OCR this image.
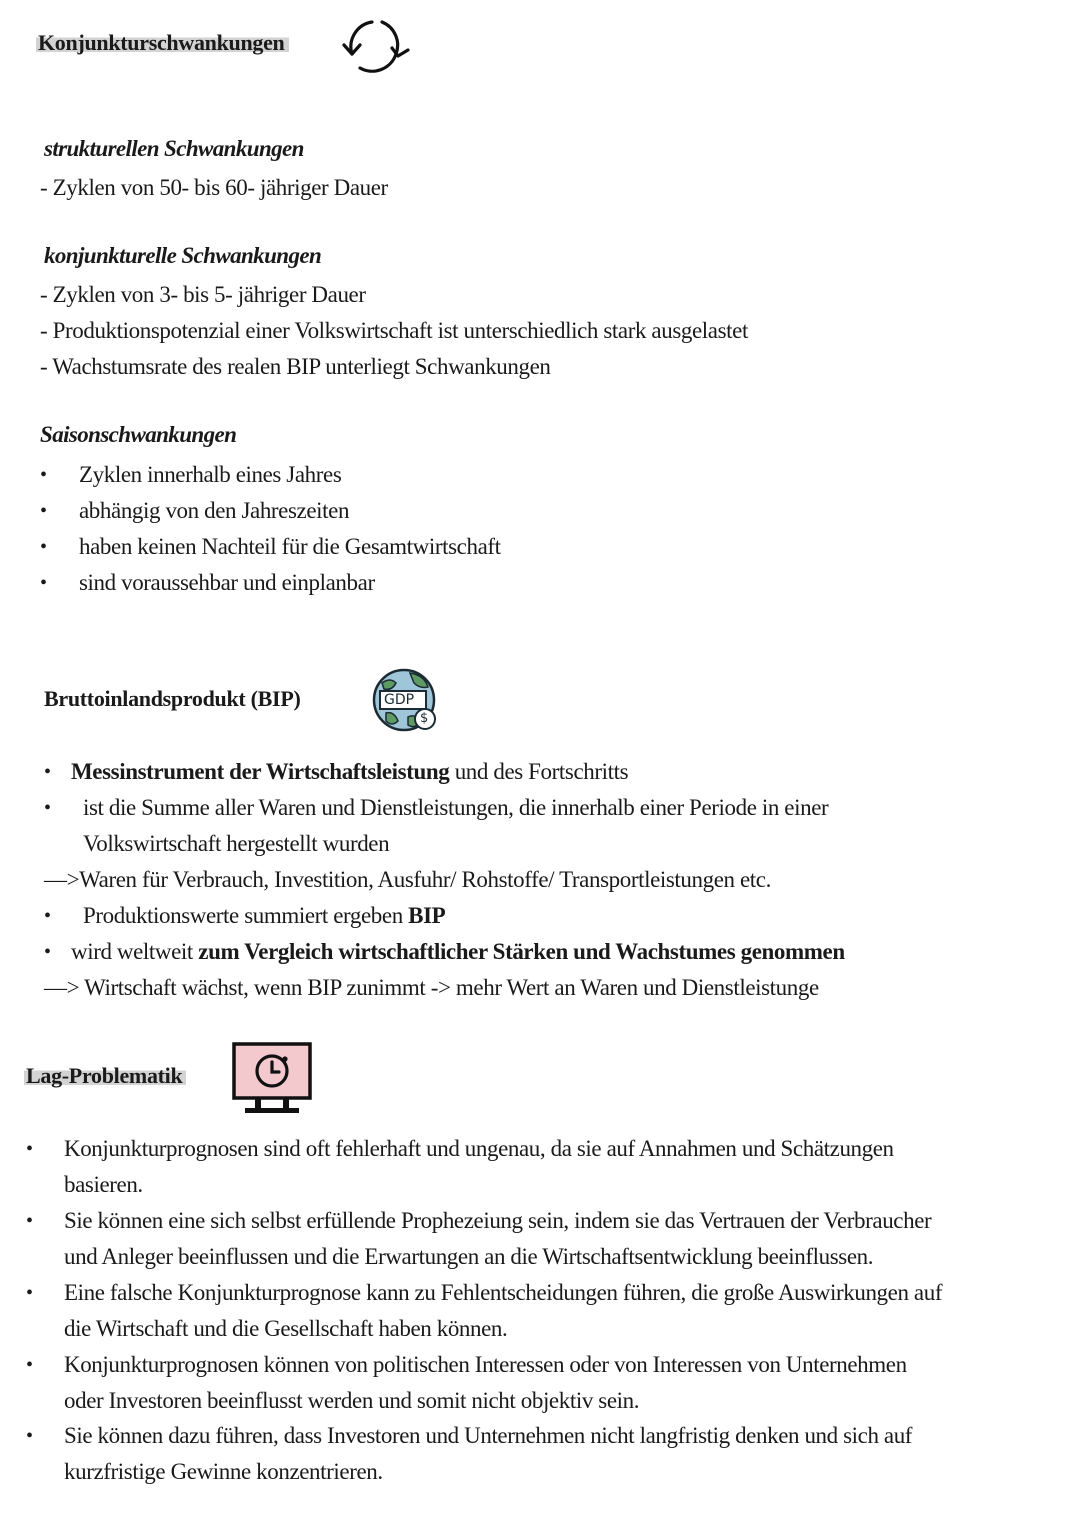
Konjunkturschwankungen
strukturellen Schwankungen
- Zyklen von 50- bis 60- jähriger Dauer
konjunkturelle Schwankungen
- Zyklen von 3- bis 5- jähriger Dauer
- Produktionspotenzial einer Volkswirtschaft ist unterschiedlich stark ausgelastet
- Wachstumsrate des realen BIP unterliegt Schwankungen
Saisonschwankungen
• Zyklen innerhalb eines Jahres
• abhängig von den Jahreszeiten
• haben keinen Nachteil für die Gesamtwirtschaft
• sind voraussehbar und einplanbar
Bruttoinlandsprodukt (BIP)	GDP
$
• Messinstrument der Wirtschaftsleistung und des Fortschritts
• ist die Summe aller Waren und Dienstleistungen, die innerhalb einer Periode in einer
Volkswirtschaft hergestellt wurden
—>Waren für Verbrauch, Investition, Ausfuhr/ Rohstoffe/ Transportleistungen etc.
• Produktionswerte summiert ergeben BIP
• wird weltweit zum Vergleich wirtschaftlicher Stärken und Wachstumes genommen
—> Wirtschaft wächst, wenn BIP zunimmt -> mehr Wert an Waren und Dienstleistunge
Lag-Problematik
• Konjunkturprognosen sind oft fehlerhaft und ungenau, da sie auf Annahmen und Schätzungen
basieren.
• Sie können eine sich selbst erfüllende Prophezeiung sein, indem sie das Vertrauen der Verbraucher
und Anleger beeinflussen und die Erwartungen an die Wirtschaftsentwicklung beeinflussen.
• Eine falsche Konjunkturprognose kann zu Fehlentscheidungen führen, die große Auswirkungen auf
die Wirtschaft und die Gesellschaft haben können.
• Konjunkturprognosen können von politischen Interessen oder von Interessen von Unternehmen
oder Investoren beeinflusst werden und somit nicht objektiv sein.
• Sie können dazu führen, dass Investoren und Unternehmen nicht langfristig denken und sich auf
kurzfristige Gewinne konzentrieren.
